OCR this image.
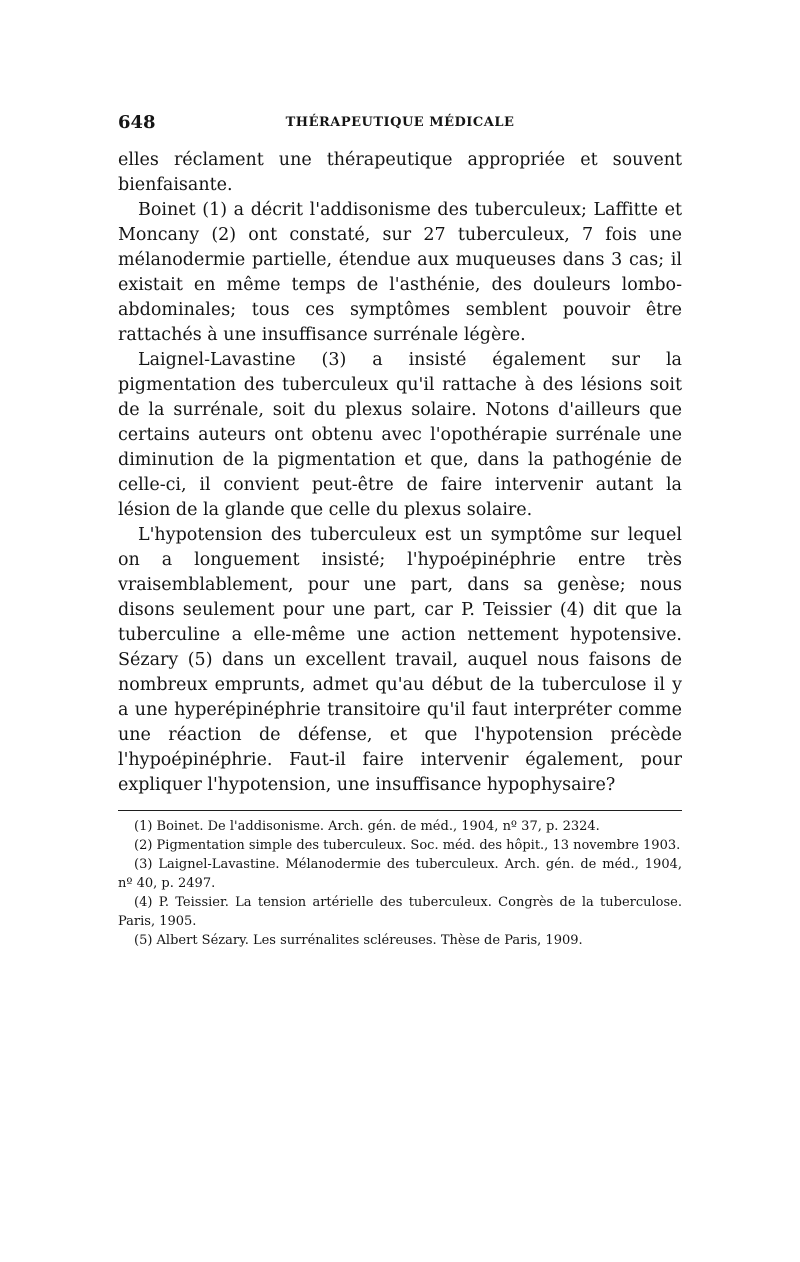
648	THÉRAPEUTIQUE MÉDICALE

elles réclament une thérapeutique appropriée et souvent bienfaisante.

Boinet (1) a décrit l'addisonisme des tuberculeux; Laffitte et Moncany (2) ont constaté, sur 27 tuberculeux, 7 fois une mélanodermie partielle, étendue aux muqueuses dans 3 cas; il existait en même temps de l'asthénie, des douleurs lombo-abdominales; tous ces symptômes semblent pouvoir être rattachés à une insuffisance surrénale légère.

Laignel-Lavastine (3) a insisté également sur la pigmentation des tuberculeux qu'il rattache à des lésions soit de la surrénale, soit du plexus solaire. Notons d'ailleurs que certains auteurs ont obtenu avec l'opothérapie surrénale une diminution de la pigmentation et que, dans la pathogénie de celle-ci, il convient peut-être de faire intervenir autant la lésion de la glande que celle du plexus solaire.

L'hypotension des tuberculeux est un symptôme sur lequel on a longuement insisté; l'hypoépinéphrie entre très vraisemblablement, pour une part, dans sa genèse; nous disons seulement pour une part, car P. Teissier (4) dit que la tuberculine a elle-même une action nettement hypotensive. Sézary (5) dans un excellent travail, auquel nous faisons de nombreux emprunts, admet qu'au début de la tuberculose il y a une hyperépinéphrie transitoire qu'il faut interpréter comme une réaction de défense, et que l'hypotension précède l'hypoépinéphrie. Faut-il faire intervenir également, pour expliquer l'hypotension, une insuffisance hypophysaire?

(1) Boinet. De l'addisonisme. Arch. gén. de méd., 1904, nº 37, p. 2324.

(2) Pigmentation simple des tuberculeux. Soc. méd. des hôpit., 13 novembre 1903.

(3) Laignel-Lavastine. Mélanodermie des tuberculeux. Arch. gén. de méd., 1904, nº 40, p. 2497.

(4) P. Teissier. La tension artérielle des tuberculeux. Congrès de la tuberculose. Paris, 1905.

(5) Albert Sézary. Les surrénalites scléreuses. Thèse de Paris, 1909.
